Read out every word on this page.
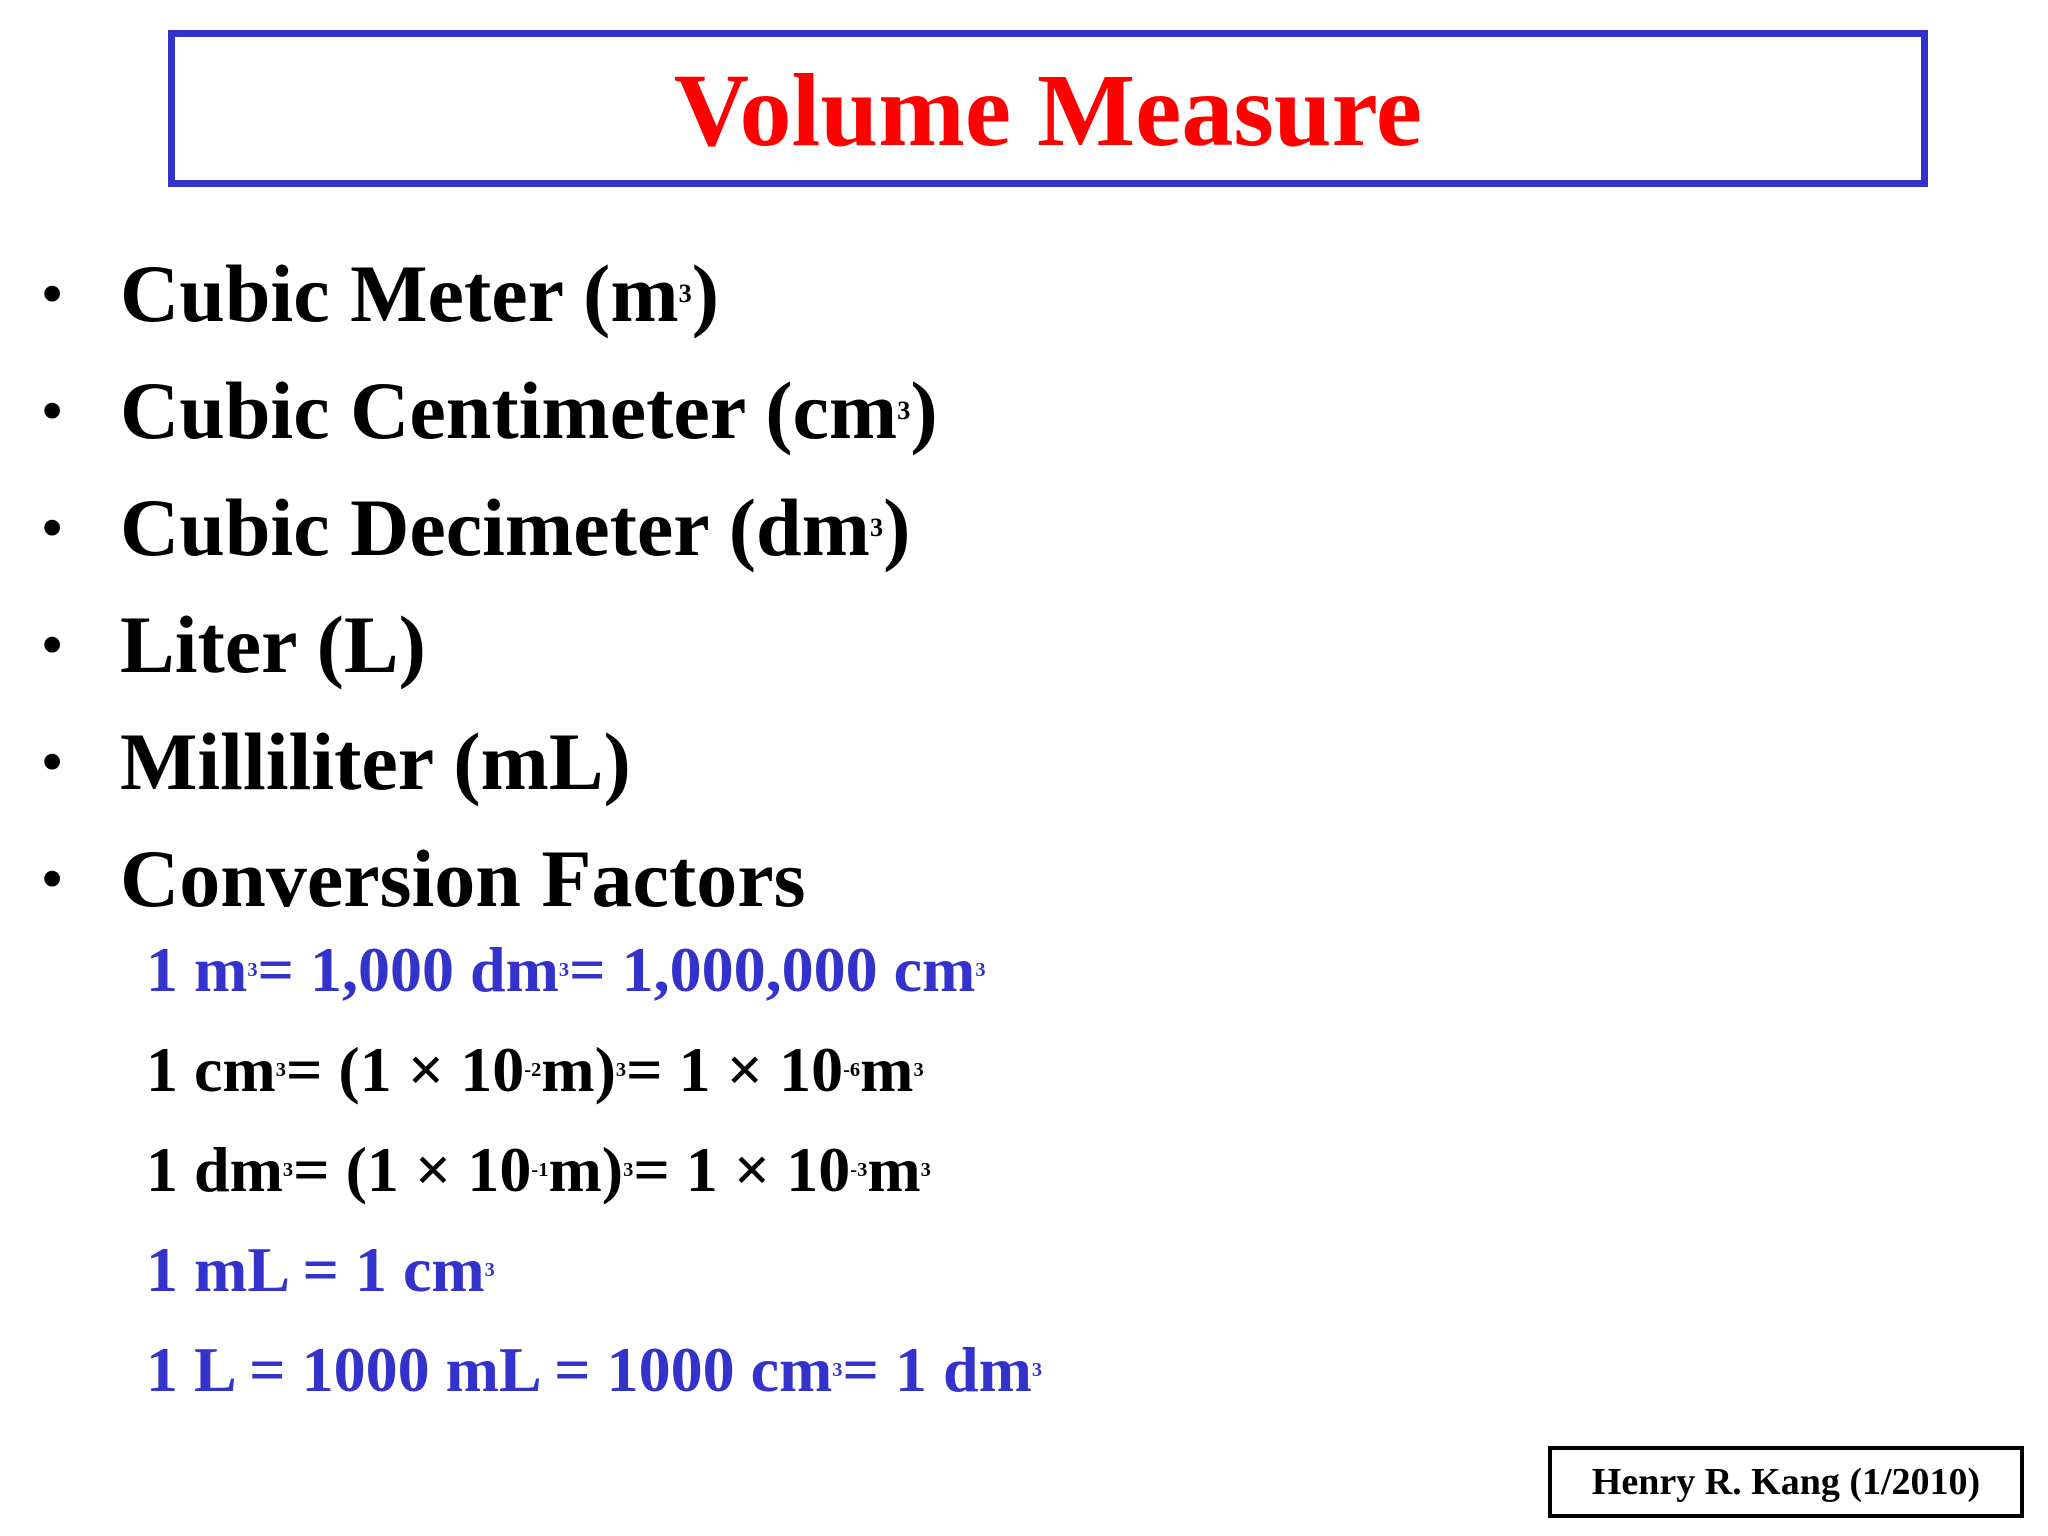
Volume Measure
• Cubic Meter (m 3 )
• Cubic Centimeter (cm 3 )
• Cubic Decimeter (dm 3 )
• Liter (L)
• Milliliter (mL)
• Conversion Factors
1 m 3 = 1,000 dm 3 = 1,000,000 cm 3
1 cm 3 = (1 × 10 -2 m) 3 = 1 × 10 -6 m 3
1 dm 3 = (1 × 10 -1 m) 3 = 1 × 10 -3 m 3
1 mL = 1 cm 3
1 L = 1000 mL = 1000 cm 3 = 1 dm 3
Henry R. Kang (1/2010)
